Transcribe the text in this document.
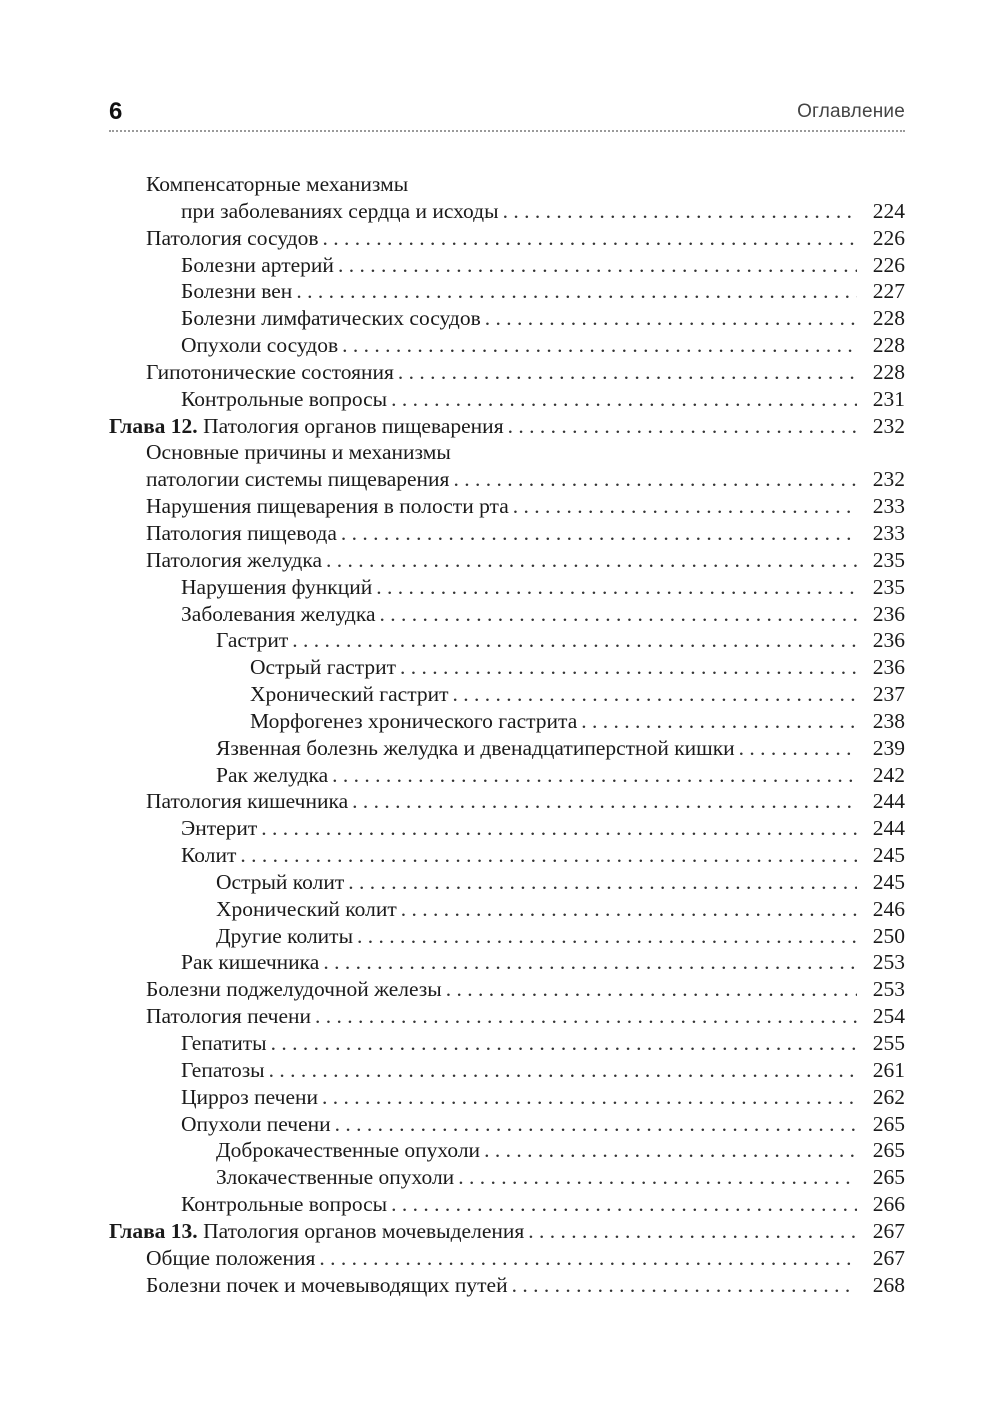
6	Оглавление
Компенсаторные механизмы
при заболеваниях сердца и исходы . . .	224
Патология сосудов . . .	226
Болезни артерий . . .	226
Болезни вен . . .	227
Болезни лимфатических сосудов . . .	228
Опухоли сосудов . . .	228
Гипотонические состояния . . .	228
Контрольные вопросы . . .	231
Глава 12. Патология органов пищеварения . . .	232
Основные причины и механизмы
патологии системы пищеварения . . .	232
Нарушения пищеварения в полости рта . . .	233
Патология пищевода . . .	233
Патология желудка . . .	235
Нарушения функций . . .	235
Заболевания желудка . . .	236
Гастрит . . .	236
Острый гастрит . . .	236
Хронический гастрит . . .	237
Морфогенез хронического гастрита . . .	238
Язвенная болезнь желудка и двенадцатиперстной кишки . . .	239
Рак желудка . . .	242
Патология кишечника . . .	244
Энтерит . . .	244
Колит . . .	245
Острый колит . . .	245
Хронический колит . . .	246
Другие колиты . . .	250
Рак кишечника . . .	253
Болезни поджелудочной железы . . .	253
Патология печени . . .	254
Гепатиты . . .	255
Гепатозы . . .	261
Цирроз печени . . .	262
Опухоли печени . . .	265
Доброкачественные опухоли . . .	265
Злокачественные опухоли . . .	265
Контрольные вопросы . . .	266
Глава 13. Патология органов мочевыделения . . .	267
Общие положения . . .	267
Болезни почек и мочевыводящих путей . . .	268
